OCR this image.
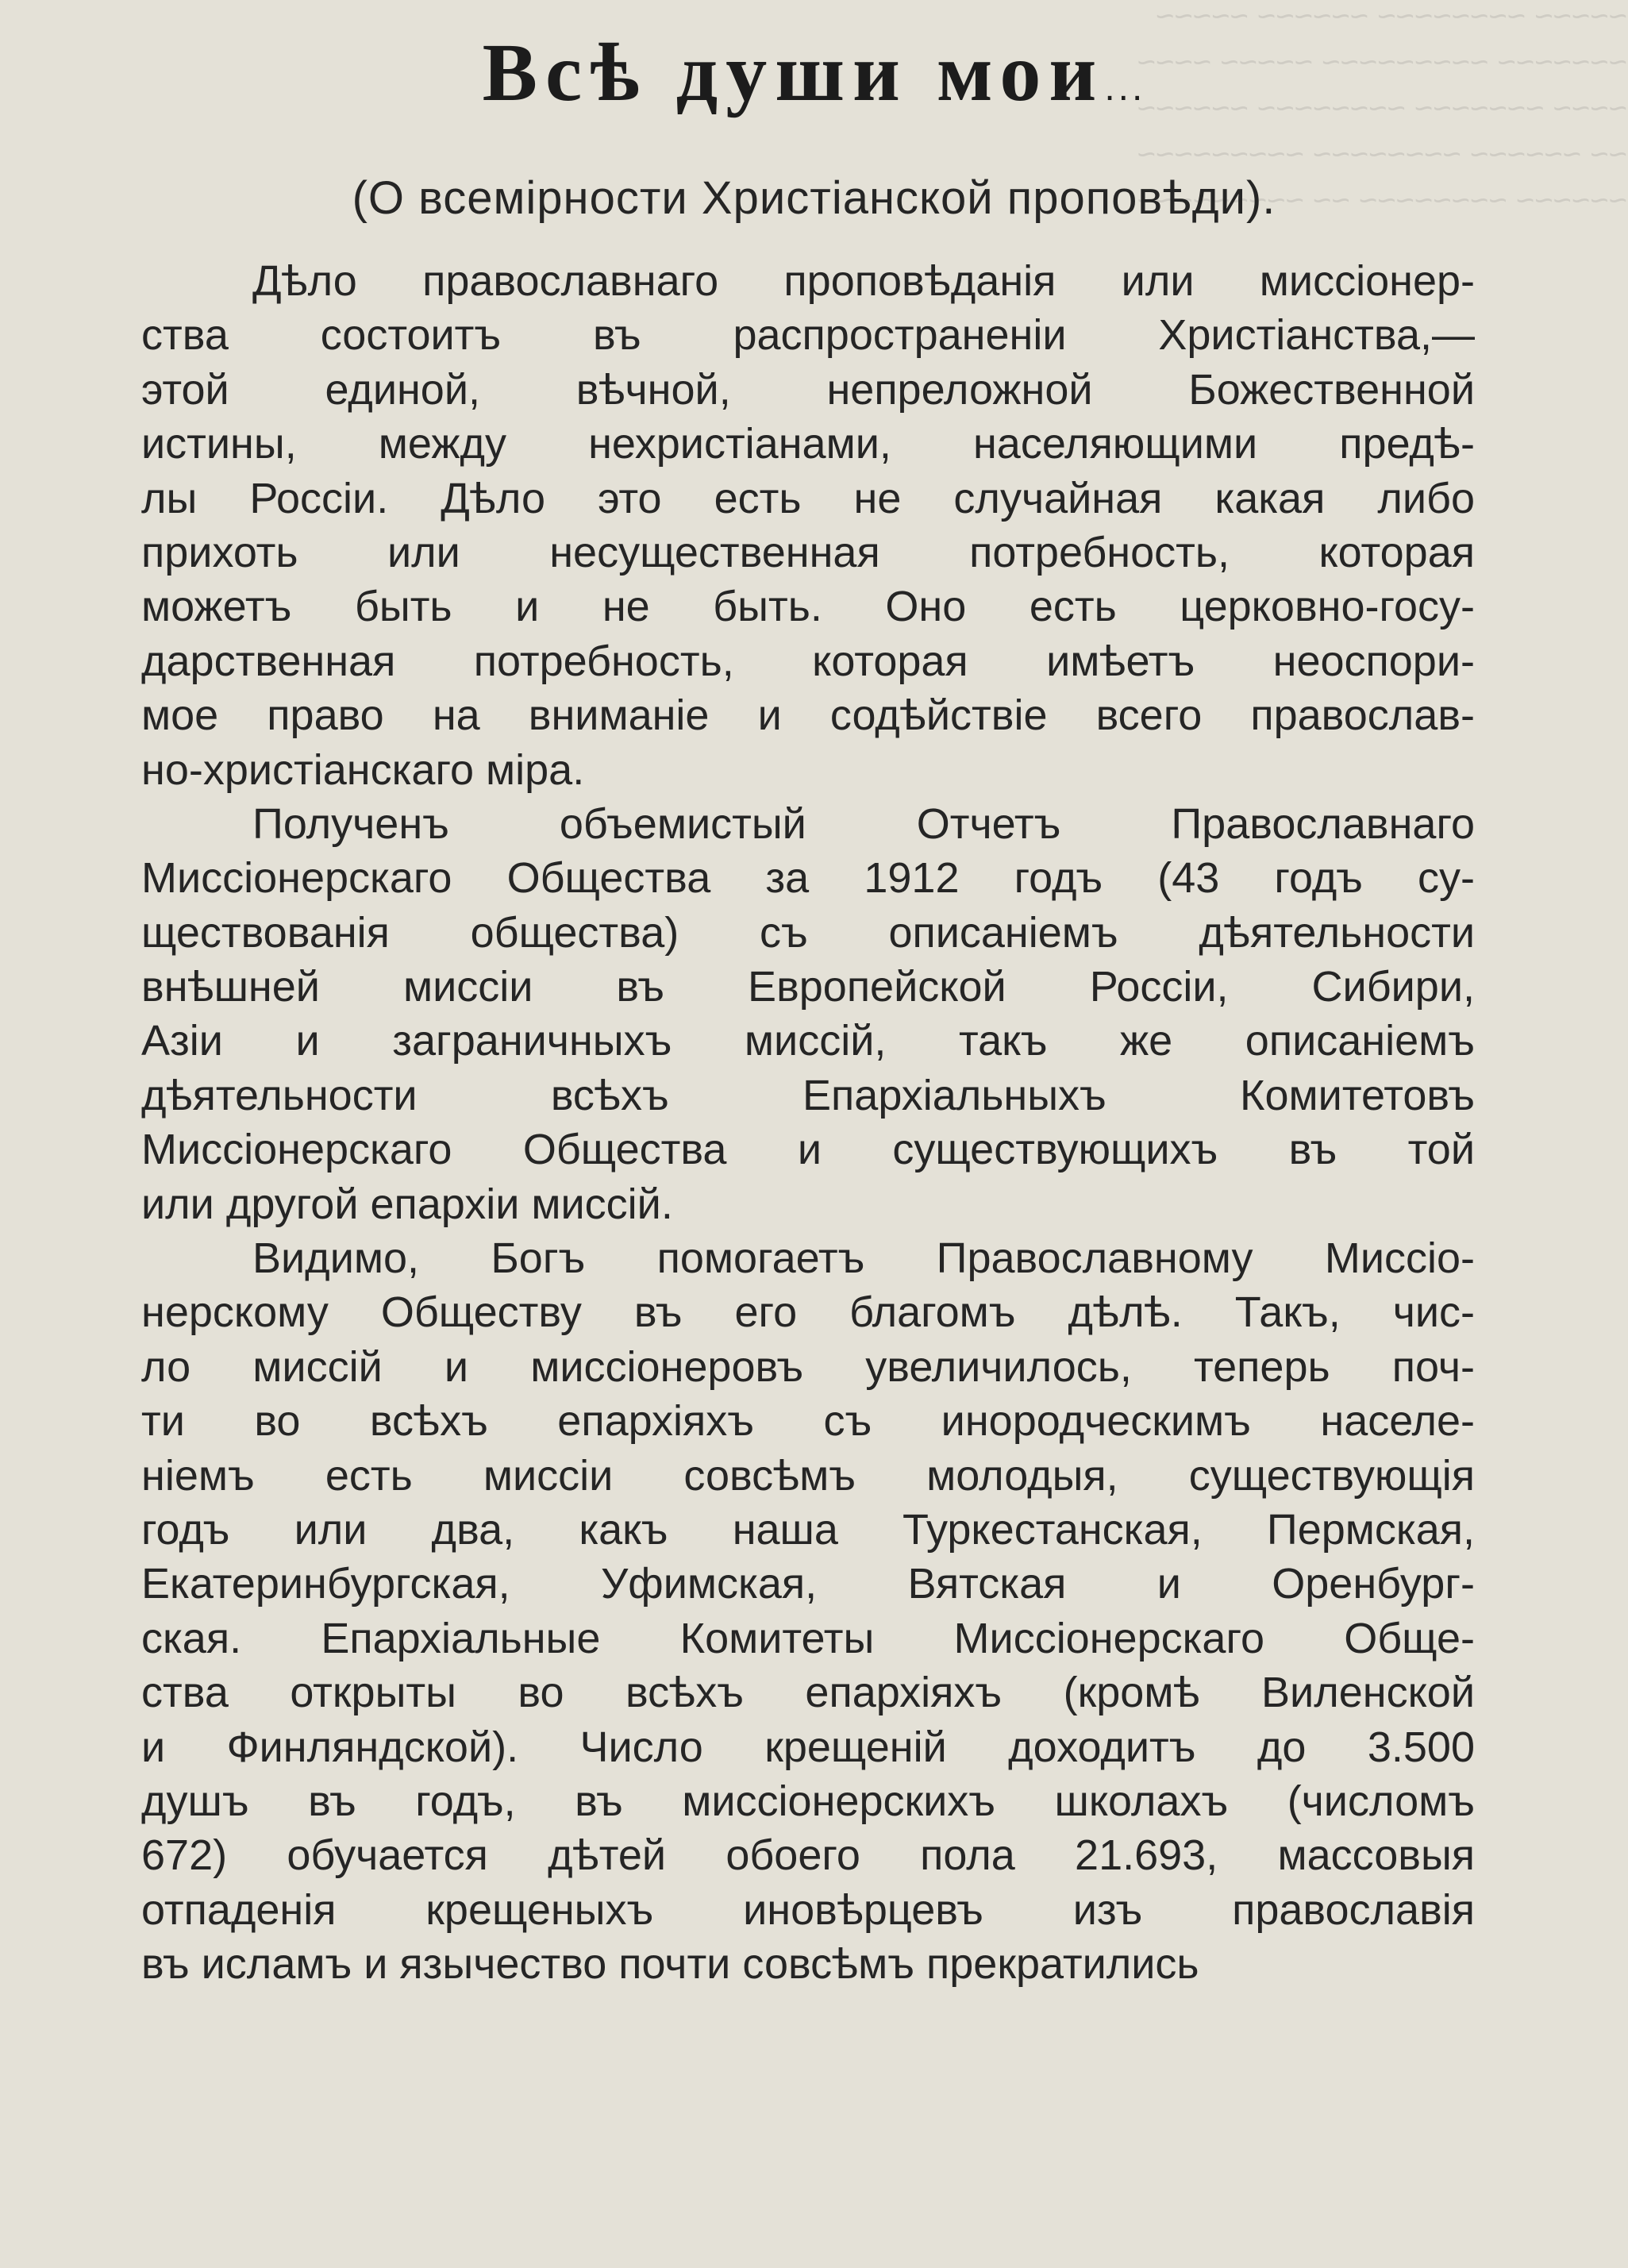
~~~~~ ~~~~~~~~ ~~~~~~ ~~~~~
~~~~~~~ ~~~~~~~~~ ~~~~~ ~~~~
~~~~ ~~~~~~~ ~~~~~~~~ ~~~~~~
~~ ~~~~~~ ~~~~~~~~ ~~~~~~~~~
~~~~~~ ~~~~~~~~ ~~ ~~~~~~~~~
Всѣ души мои...
(О всемірности Христіанской проповѣди).
Дѣло православнаго проповѣданія или миссіонер-
ства состоитъ въ распространеніи Христіанства,—
этой единой, вѣчной, непреложной Божественной
истины, между нехристіанами, населяющими предѣ-
лы Россіи. Дѣло это есть не случайная какая либо
прихоть или несущественная потребность, которая
можетъ быть и не быть. Оно есть церковно-госу-
дарственная потребность, которая имѣетъ неоспори-
мое право на вниманіе и содѣйствіе всего православ-
но-христіанскаго міра.
Полученъ объемистый Отчетъ Православнаго
Миссіонерскаго Общества за 1912 годъ (43 годъ су-
ществованія общества) съ описаніемъ дѣятельности
внѣшней миссіи въ Европейской Россіи, Сибири,
Азіи и заграничныхъ миссій, такъ же описаніемъ
дѣятельности всѣхъ Епархіальныхъ Комитетовъ
Миссіонерскаго Общества и существующихъ въ той
или другой епархіи миссій.
Видимо, Богъ помогаетъ Православному Миссіо-
нерскому Обществу въ его благомъ дѣлѣ. Такъ, чис-
ло миссій и миссіонеровъ увеличилось, теперь поч-
ти во всѣхъ епархіяхъ съ инородческимъ населе-
ніемъ есть миссіи совсѣмъ молодыя, существующія
годъ или два, какъ наша Туркестанская, Пермская,
Екатеринбургская, Уфимская, Вятская и Оренбург-
ская. Епархіальные Комитеты Миссіонерскаго Обще-
ства открыты во всѣхъ епархіяхъ (кромѣ Виленской
и Финляндской). Число крещеній доходитъ до 3.500
душъ въ годъ, въ миссіонерскихъ школахъ (числомъ
672) обучается дѣтей обоего пола 21.693, массовыя
отпаденія крещеныхъ иновѣрцевъ изъ православія
въ исламъ и язычество почти совсѣмъ прекратились
